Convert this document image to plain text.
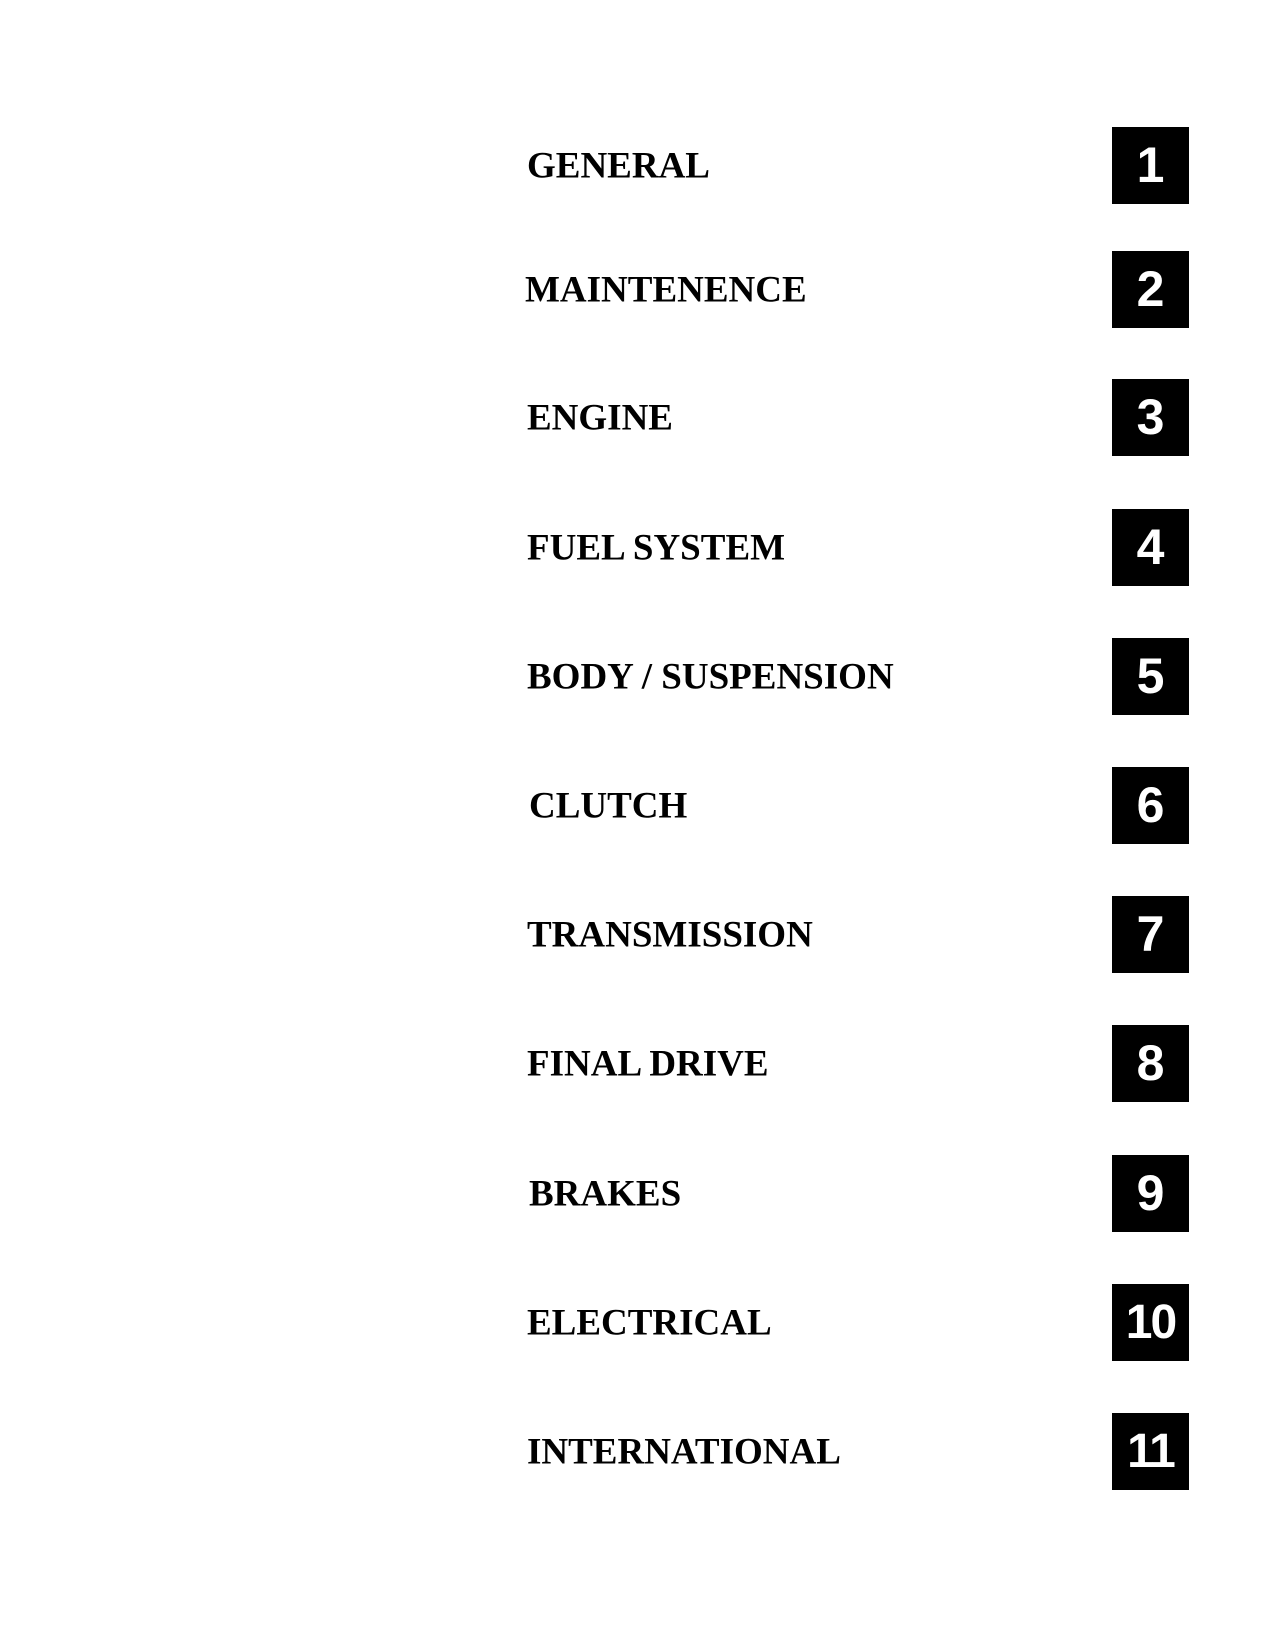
GENERAL	1
MAINTENENCE	2
ENGINE	3
FUEL SYSTEM	4
BODY / SUSPENSION	5
CLUTCH	6
TRANSMISSION	7
FINAL DRIVE	8
BRAKES	9
ELECTRICAL	10
INTERNATIONAL	11
